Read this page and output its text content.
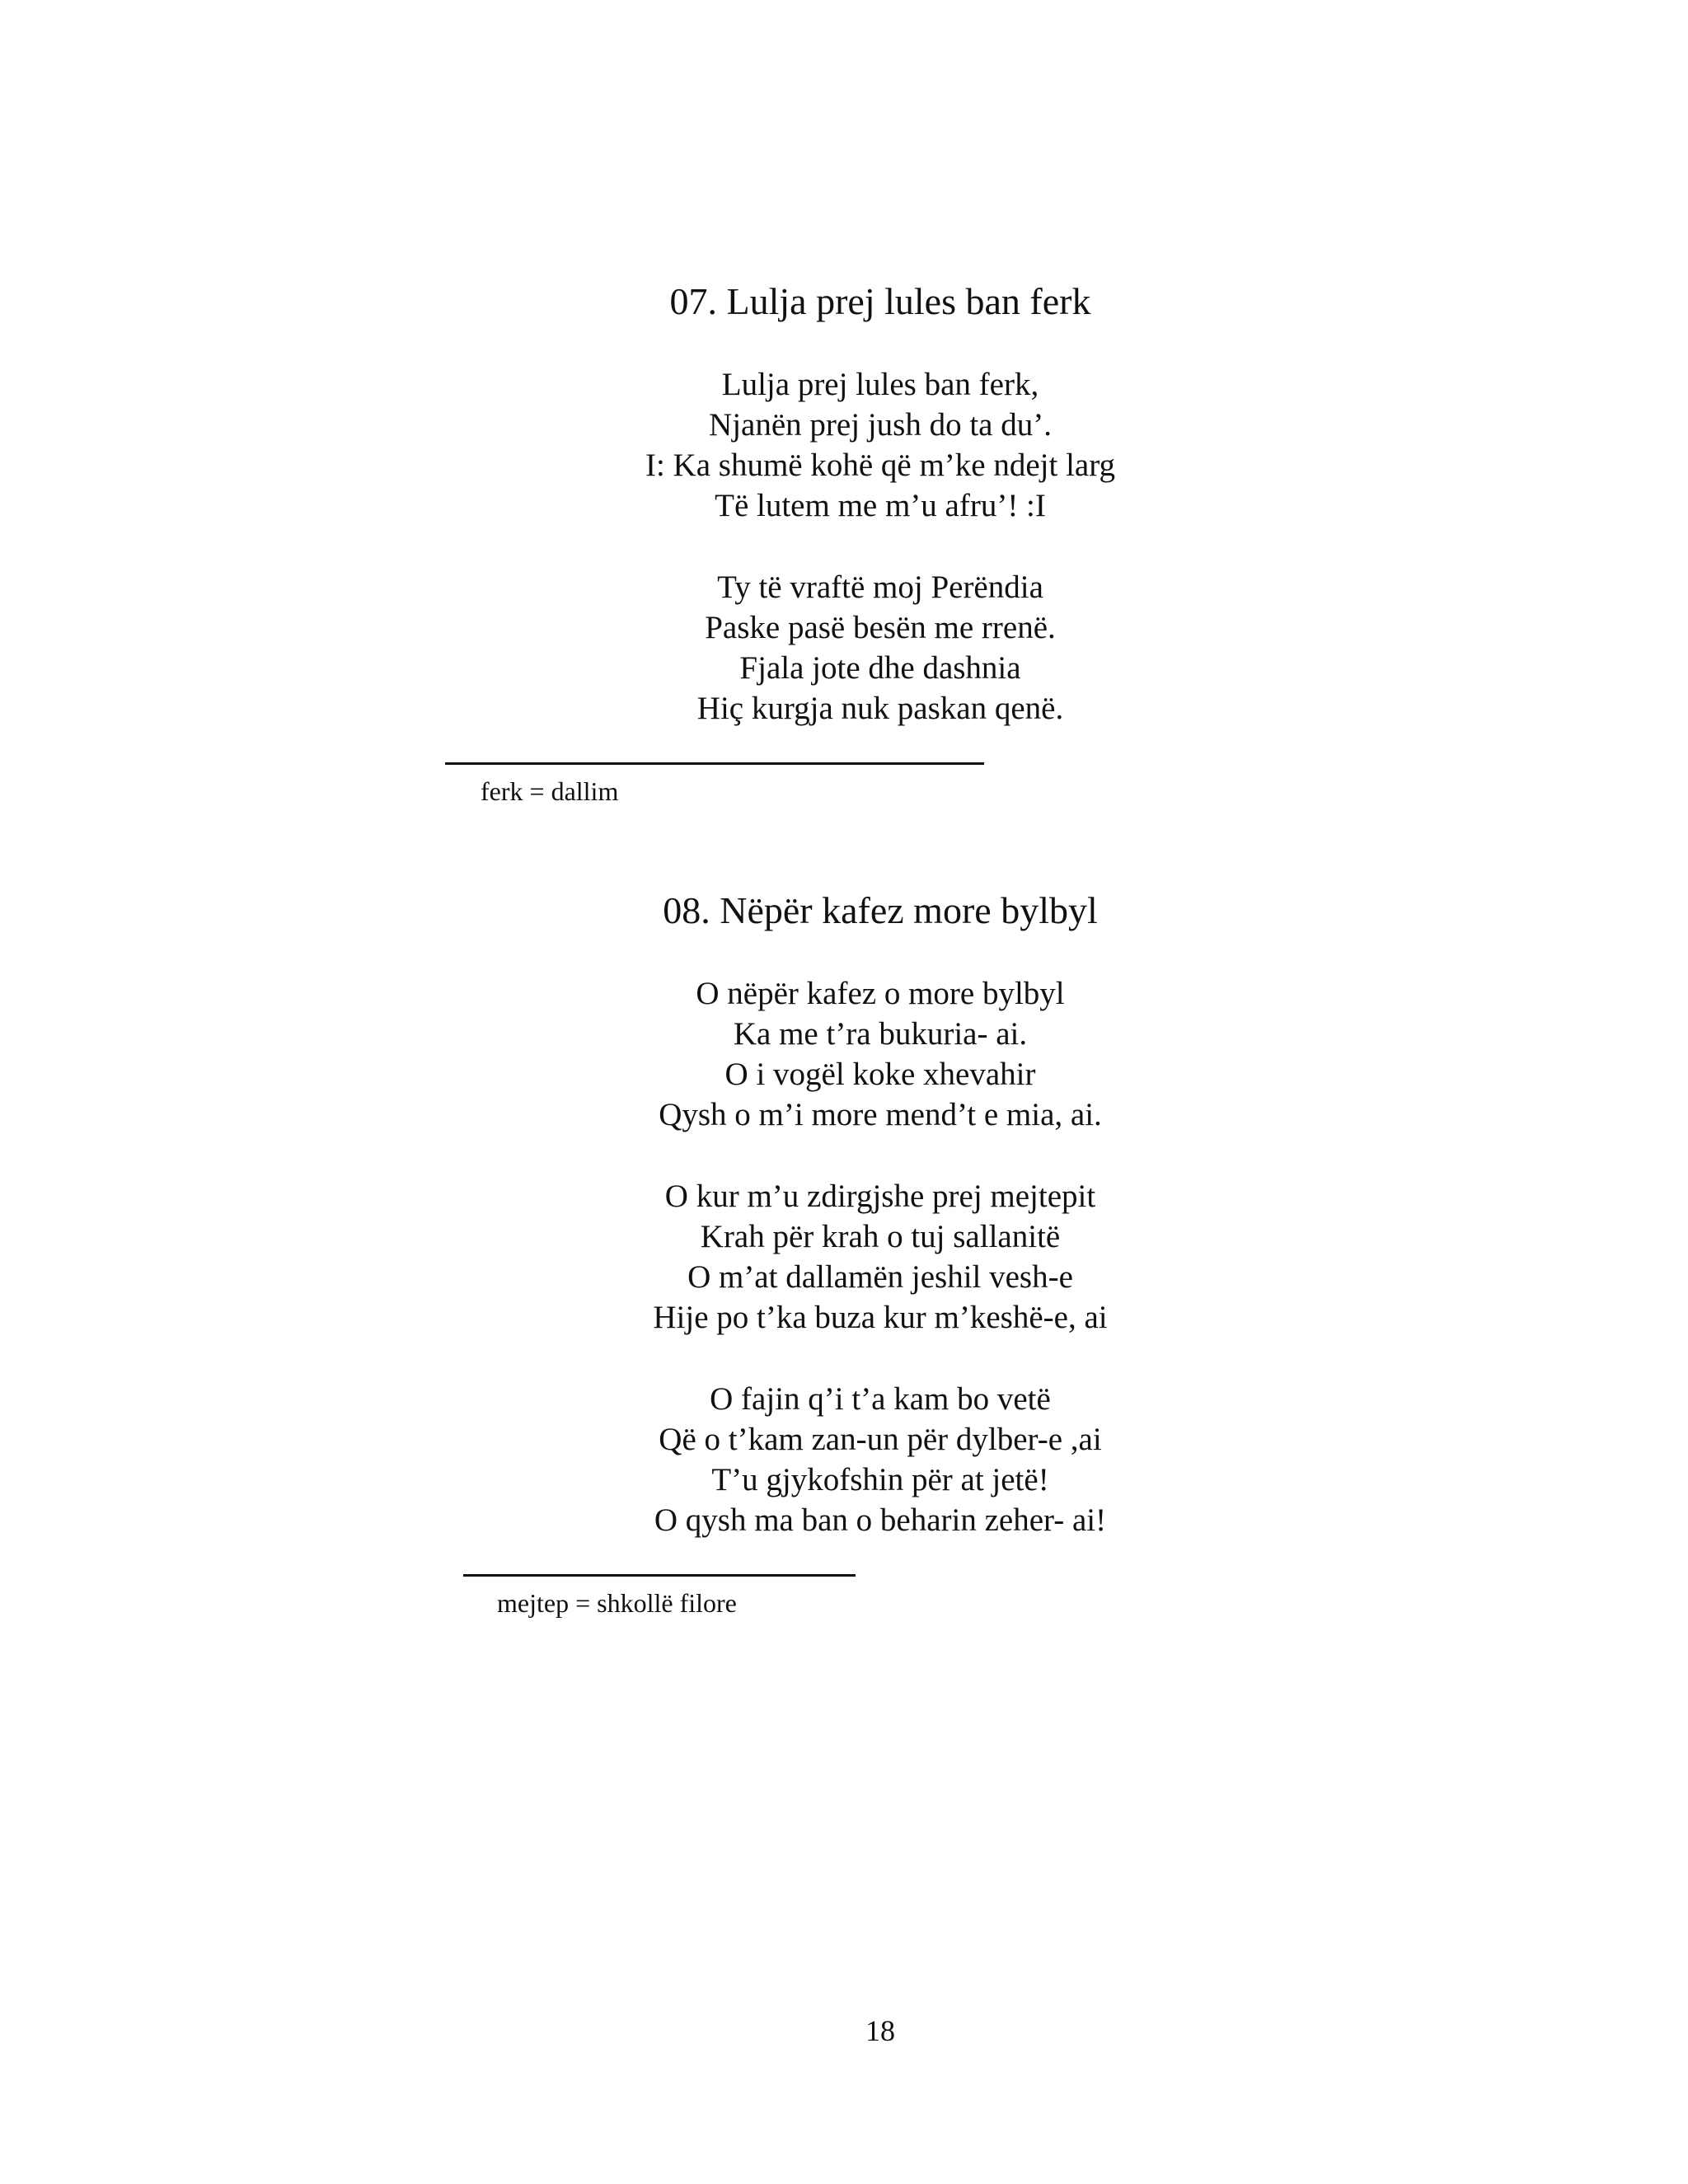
07. Lulja prej lules ban ferk
Lulja prej lules ban ferk,
Njanën prej jush do ta du’.
I: Ka shumë kohë që m’ke ndejt larg
Të lutem me m’u afru’! :I
Ty të vraftë moj Perëndia
Paske pasë besën me rrenë.
Fjala jote dhe dashnia
Hiç kurgja nuk paskan qenë.
ferk = dallim
08. Nëpër kafez more bylbyl
O nëpër kafez o more bylbyl
Ka me t’ra bukuria- ai.
O i vogël koke xhevahir
Qysh o m’i more mend’t e mia, ai.
O kur m’u zdirgjshe prej mejtepit
Krah për krah o tuj sallanitë
O m’at dallamën jeshil vesh-e
Hije po t’ka buza kur m’keshë-e, ai
O fajin q’i t’a kam bo vetë
Që o t’kam zan-un për dylber-e ,ai
T’u gjykofshin për at jetë!
O qysh ma ban o beharin zeher- ai!
mejtep = shkollë filore
18
